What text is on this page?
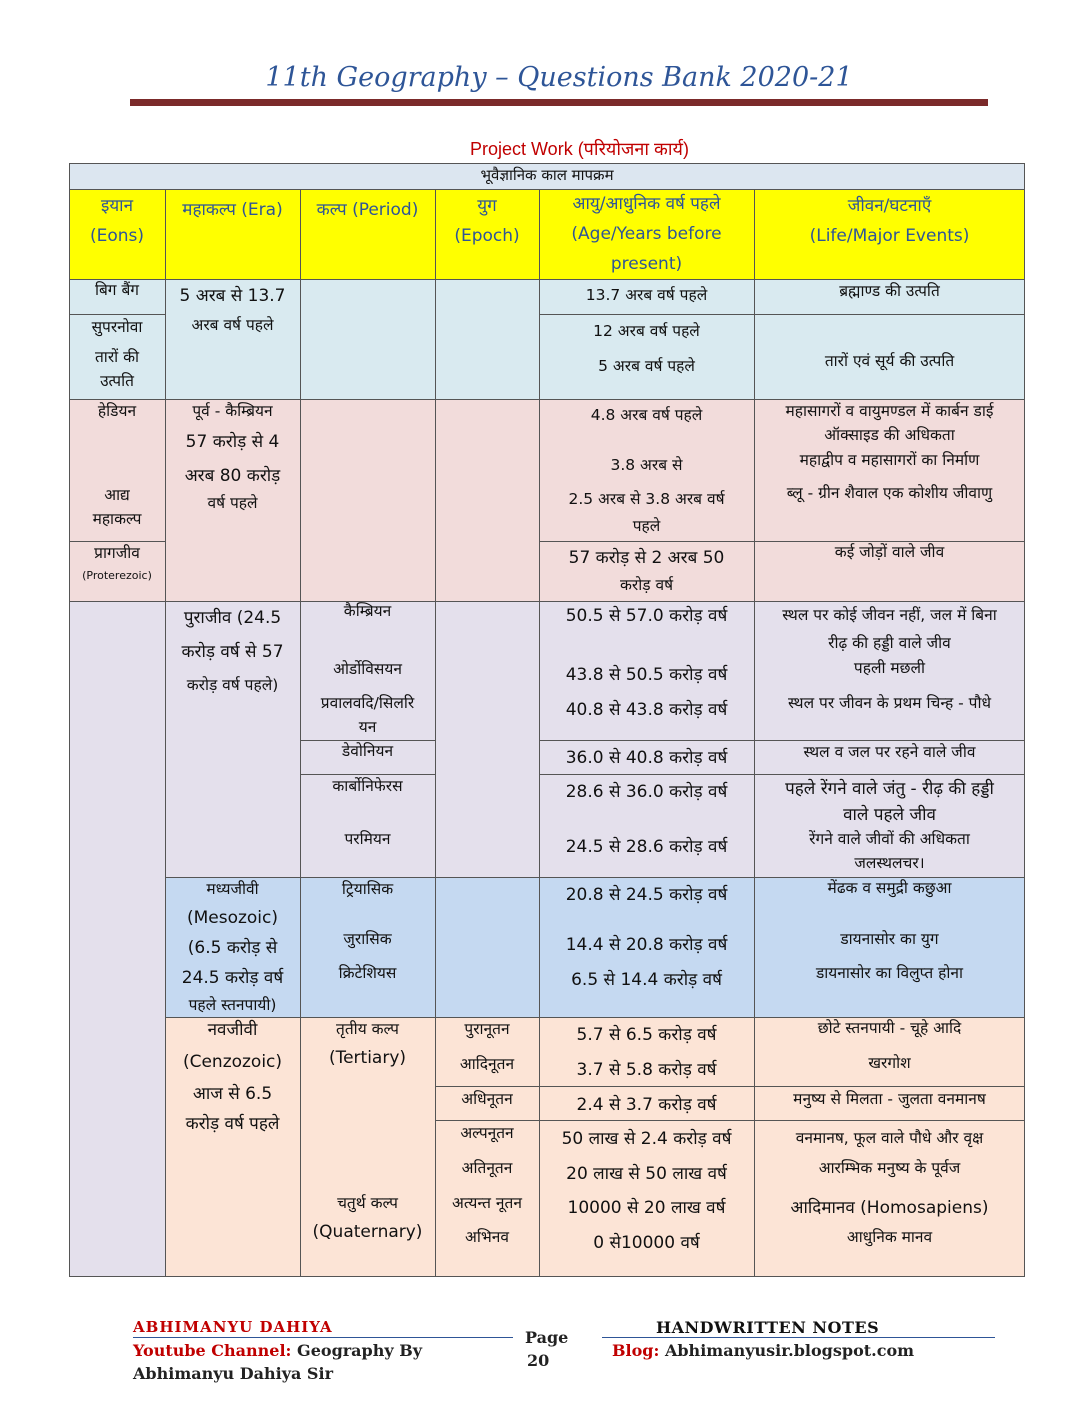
11th Geography – Questions Bank 2020-21
Project Work (परियोजना कार्य)
भूवैज्ञानिक काल मापक्रम
इयान
(Eons)
महाकल्प (Era)	कल्प (Period)	युग
(Epoch)
आयु/आधुनिक वर्ष पहले
(Age/Years before
present)
जीवन/घटनाएँ
(Life/Major Events)
बिग बैंग
सुपरनोवा
तारों की
उत्पति
हेडियन
आद्य
महाकल्प
प्रागजीव
(Proterezoic)
5 अरब से 13.7
अरब वर्ष पहले
पूर्व - कैम्ब्रियन
57 करोड़ से 4
अरब 80 करोड़
वर्ष पहले
पुराजीव (24.5
करोड़ वर्ष से 57
करोड़ वर्ष पहले)
मध्यजीवी
(Mesozoic)
(6.5 करोड़ से
24.5 करोड़ वर्ष
पहले स्तनपायी)
नवजीवी
(Cenzozoic)
आज से 6.5
करोड़ वर्ष पहले
कैम्ब्रियन
ओर्डोविसयन
प्रवालवदि/सिलरि
यन
डेवोनियन
कार्बोनिफेरस
परमियन
ट्रियासिक
जुरासिक
क्रिटेशियस
तृतीय कल्प
(Tertiary)
चतुर्थ कल्प
(Quaternary)
पुरानूतन
आदिनूतन
अधिनूतन
अल्पनूतन
अतिनूतन
अत्यन्त नूतन
अभिनव
13.7 अरब वर्ष पहले
12 अरब वर्ष पहले
5 अरब वर्ष पहले
4.8 अरब वर्ष पहले
3.8 अरब से
2.5 अरब से 3.8 अरब वर्ष
पहले
57 करोड़ से 2 अरब 50
करोड़ वर्ष
50.5 से 57.0 करोड़ वर्ष
43.8 से 50.5 करोड़ वर्ष
40.8 से 43.8 करोड़ वर्ष
36.0 से 40.8 करोड़ वर्ष
28.6 से 36.0 करोड़ वर्ष
24.5 से 28.6 करोड़ वर्ष
20.8 से 24.5 करोड़ वर्ष
14.4 से 20.8 करोड़ वर्ष
6.5 से 14.4 करोड़ वर्ष
5.7 से 6.5 करोड़ वर्ष
3.7 से 5.8 करोड़ वर्ष
2.4 से 3.7 करोड़ वर्ष
50 लाख से 2.4 करोड़ वर्ष
20 लाख से 50 लाख वर्ष
10000 से 20 लाख वर्ष
0 से10000 वर्ष
ब्रह्माण्ड की उत्पति
तारों एवं सूर्य की उत्पति
महासागरों व वायुमण्डल में कार्बन डाई
ऑक्साइड की अधिकता
महाद्वीप व महासागरों का निर्माण
ब्लू - ग्रीन शैवाल एक कोशीय जीवाणु
कई जोड़ों वाले जीव
स्थल पर कोई जीवन नहीं, जल में बिना
रीढ़ की हड्डी वाले जीव
पहली मछली
स्थल पर जीवन के प्रथम चिन्ह - पौधे
स्थल व जल पर रहने वाले जीव
पहले रेंगने वाले जंतु - रीढ़ की हड्डी
वाले पहले जीव
रेंगने वाले जीवों की अधिकता
जलस्थलचर।
मेंढक व समुद्री कछुआ
डायनासोर का युग
डायनासोर का विलुप्त होना
छोटे स्तनपायी - चूहे आदि
खरगोश
मनुष्य से मिलता - जुलता वनमानष
वनमानष, फूल वाले पौधे और वृक्ष
आरम्भिक मनुष्य के पूर्वज
आदिमानव (Homosapiens)
आधुनिक मानव
ABHIMANYU DAHIYA
Youtube Channel: Geography By
Abhimanyu Dahiya Sir
Page
20
HANDWRITTEN NOTES
Blog: Abhimanyusir.blogspot.com
